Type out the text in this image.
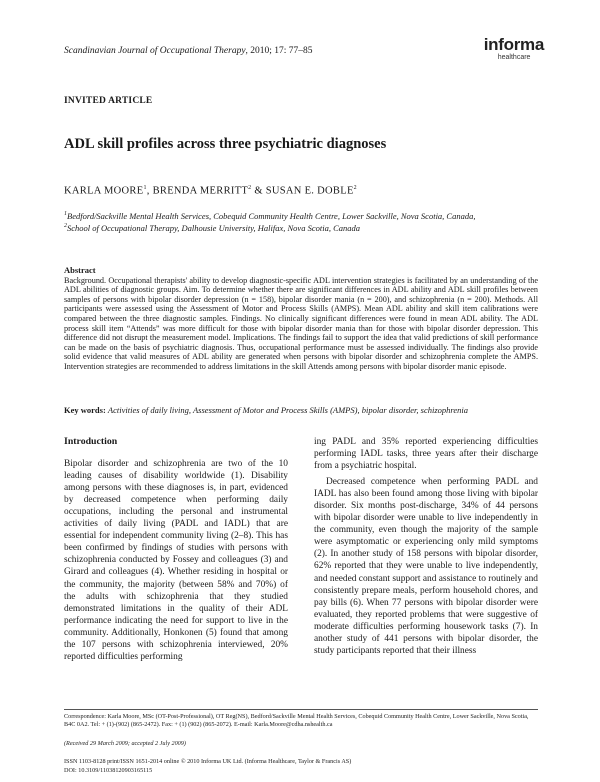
Scandinavian Journal of Occupational Therapy, 2010; 17: 77–85	informa
healthcare
INVITED ARTICLE
ADL skill profiles across three psychiatric diagnoses
KARLA MOORE$^1$, BRENDA MERRITT$^2$ & SUSAN E. DOBLE$^2$
$^1$Bedford/Sackville Mental Health Services, Cobequid Community Health Centre, Lower Sackville, Nova Scotia, Canada,
$^2$School of Occupational Therapy, Dalhousie University, Halifax, Nova Scotia, Canada
Abstract
Background. Occupational therapists' ability to develop diagnostic-specific ADL intervention strategies is facilitated by an understanding of the ADL abilities of diagnostic groups. Aim. To determine whether there are significant differences in ADL ability and ADL skill profiles between samples of persons with bipolar disorder depression (n = 158), bipolar disorder mania (n = 200), and schizophrenia (n = 200). Methods. All participants were assessed using the Assessment of Motor and Process Skills (AMPS). Mean ADL ability and skill item calibrations were compared between the three diagnostic samples. Findings. No clinically significant differences were found in mean ADL ability. The ADL process skill item “Attends” was more difficult for those with bipolar disorder mania than for those with bipolar disorder depression. This difference did not disrupt the measurement model. Implications. The findings fail to support the idea that valid predictions of skill performance can be made on the basis of psychiatric diagnosis. Thus, occupational performance must be assessed individually. The findings also provide solid evidence that valid measures of ADL ability are generated when persons with bipolar disorder and schizophrenia complete the AMPS. Intervention strategies are recommended to address limitations in the skill Attends among persons with bipolar disorder manic episode.
Key words: Activities of daily living, Assessment of Motor and Process Skills (AMPS), bipolar disorder, schizophrenia
Introduction

Bipolar disorder and schizophrenia are two of the 10 leading causes of disability worldwide (1). Disability among persons with these diagnoses is, in part, evidenced by decreased competence when performing daily occupations, including the personal and instrumental activities of daily living (PADL and IADL) that are essential for independent community living (2–8). This has been confirmed by findings of studies with persons with schizophrenia conducted by Fossey and colleagues (3) and Girard and colleagues (4). Whether residing in hospital or the community, the majority (between 58% and 70%) of the adults with schizophrenia that they studied demonstrated limitations in the quality of their ADL performance indicating the need for support to live in the community. Additionally, Honkonen (5) found that among the 107 persons with schizophrenia interviewed, 20% reported difficulties performing

ing PADL and 35% reported experiencing difficulties performing IADL tasks, three years after their discharge from a psychiatric hospital.

Decreased competence when performing PADL and IADL has also been found among those living with bipolar disorder. Six months post-discharge, 34% of 44 persons with bipolar disorder were unable to live independently in the community, even though the majority of the sample were asymptomatic or experiencing only mild symptoms (2). In another study of 158 persons with bipolar disorder, 62% reported that they were unable to live independently, and needed constant support and assistance to routinely and consistently prepare meals, perform household chores, and pay bills (6). When 77 persons with bipolar disorder were evaluated, they reported problems that were suggestive of moderate difficulties performing housework tasks (7). In another study of 441 persons with bipolar disorder, the study participants reported that their illness

Correspondence: Karla Moore, MSc (OT-Post-Professional), OT Reg(NS), Bedford/Sackville Mental Health Services, Cobequid Community Health Centre, Lower Sackville, Nova Scotia, B4C 0A2. Tel: + (1)-(902) (865-2472). Fax: + (1) (902) (865-2072). E-mail: Karla.Moore@cdha.nshealth.ca
(Received 29 March 2009; accepted 2 July 2009)
ISSN 1103-8128 print/ISSN 1651-2014 online © 2010 Informa UK Ltd. (Informa Healthcare, Taylor & Francis AS)
DOI: 10.3109/11038120903165115
